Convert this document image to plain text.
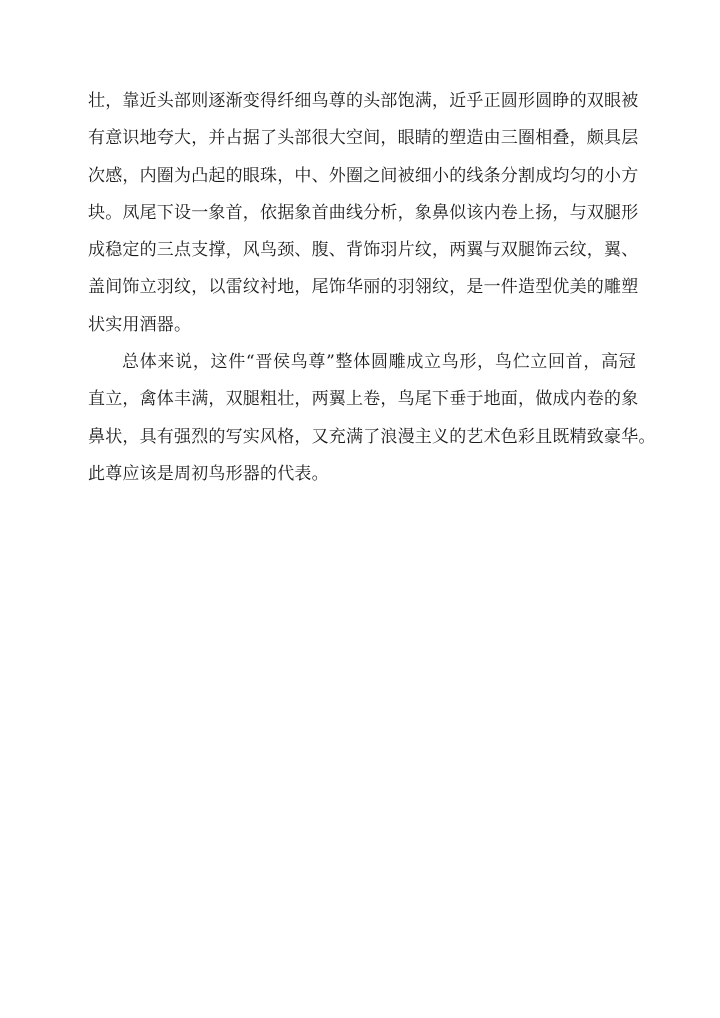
壮，靠近头部则逐渐变得纤细鸟尊的头部饱满，近乎正圆形圆睁的双眼被
有意识地夸大，并占据了头部很大空间，眼睛的塑造由三圈相叠，颇具层
次感，内圈为凸起的眼珠，中、外圈之间被细小的线条分割成均匀的小方
块。凤尾下设一象首，依据象首曲线分析，象鼻似该内卷上扬，与双腿形
成稳定的三点支撑，风鸟颈、腹、背饰羽片纹，两翼与双腿饰云纹，翼、
盖间饰立羽纹，以雷纹衬地，尾饰华丽的羽翎纹，是一件造型优美的雕塑
状实用酒器。
总体来说，这件“晋侯鸟尊”整体圆雕成立鸟形，鸟伫立回首，高冠
直立，禽体丰满，双腿粗壮，两翼上卷，鸟尾下垂于地面，做成内卷的象
鼻状，具有强烈的写实风格，又充满了浪漫主义的艺术色彩且既精致豪华。
此尊应该是周初鸟形器的代表。
